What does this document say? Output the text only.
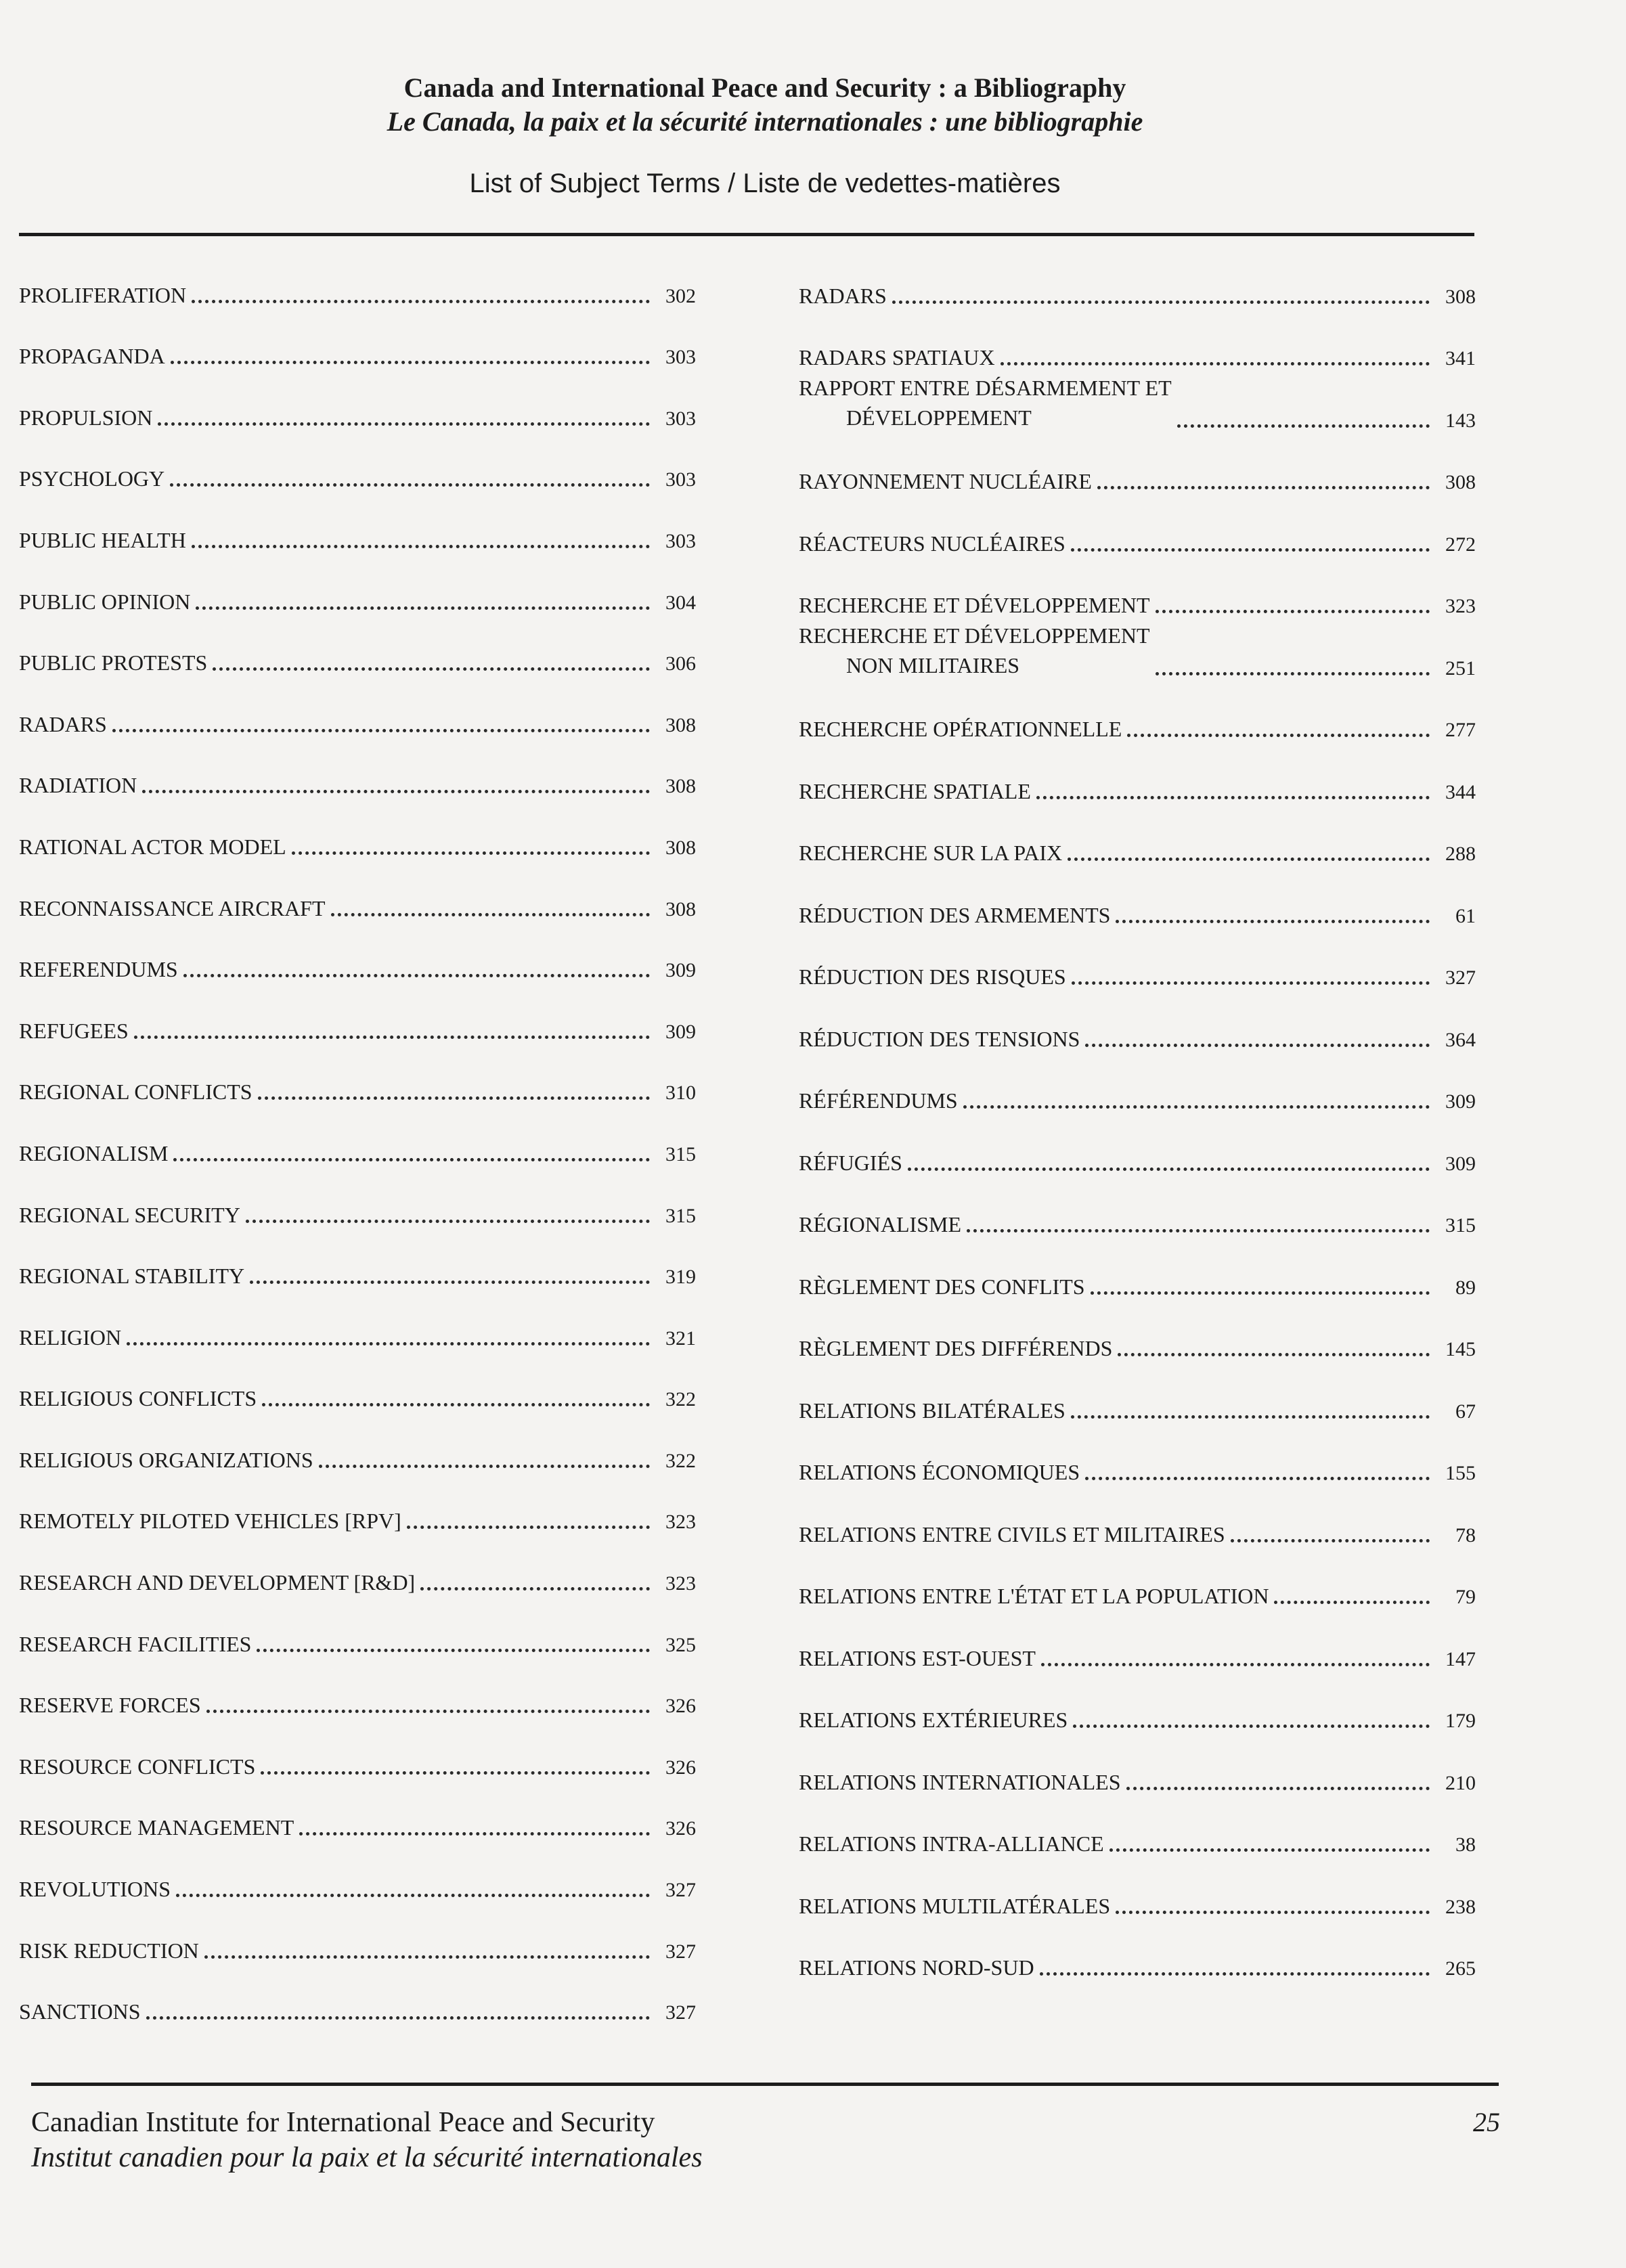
Canada and International Peace and Security : a Bibliography
Le Canada, la paix et la sécurité internationales : une bibliographie
List of Subject Terms / Liste de vedettes-matières
PROLIFERATION	302
PROPAGANDA	303
PROPULSION	303
PSYCHOLOGY	303
PUBLIC HEALTH	303
PUBLIC OPINION	304
PUBLIC PROTESTS	306
RADARS	308
RADIATION	308
RATIONAL ACTOR MODEL	308
RECONNAISSANCE AIRCRAFT	308
REFERENDUMS	309
REFUGEES	309
REGIONAL CONFLICTS	310
REGIONALISM	315
REGIONAL SECURITY	315
REGIONAL STABILITY	319
RELIGION	321
RELIGIOUS CONFLICTS	322
RELIGIOUS ORGANIZATIONS	322
REMOTELY PILOTED VEHICLES [RPV]	323
RESEARCH AND DEVELOPMENT [R&D]	323
RESEARCH FACILITIES	325
RESERVE FORCES	326
RESOURCE CONFLICTS	326
RESOURCE MANAGEMENT	326
REVOLUTIONS	327
RISK REDUCTION	327
SANCTIONS	327
RADARS	308
RADARS SPATIAUX	341
RAPPORT ENTRE DÉSARMEMENT ET
DÉVELOPPEMENT	143
RAYONNEMENT NUCLÉAIRE	308
RÉACTEURS NUCLÉAIRES	272
RECHERCHE ET DÉVELOPPEMENT	323
RECHERCHE ET DÉVELOPPEMENT
NON MILITAIRES	251
RECHERCHE OPÉRATIONNELLE	277
RECHERCHE SPATIALE	344
RECHERCHE SUR LA PAIX	288
RÉDUCTION DES ARMEMENTS	61
RÉDUCTION DES RISQUES	327
RÉDUCTION DES TENSIONS	364
RÉFÉRENDUMS	309
RÉFUGIÉS	309
RÉGIONALISME	315
RÈGLEMENT DES CONFLITS	89
RÈGLEMENT DES DIFFÉRENDS	145
RELATIONS BILATÉRALES	67
RELATIONS ÉCONOMIQUES	155
RELATIONS ENTRE CIVILS ET MILITAIRES	78
RELATIONS ENTRE L'ÉTAT ET LA POPULATION	79
RELATIONS EST-OUEST	147
RELATIONS EXTÉRIEURES	179
RELATIONS INTERNATIONALES	210
RELATIONS INTRA-ALLIANCE	38
RELATIONS MULTILATÉRALES	238
RELATIONS NORD-SUD	265
Canadian Institute for International Peace and Security
Institut canadien pour la paix et la sécurité internationales
25
